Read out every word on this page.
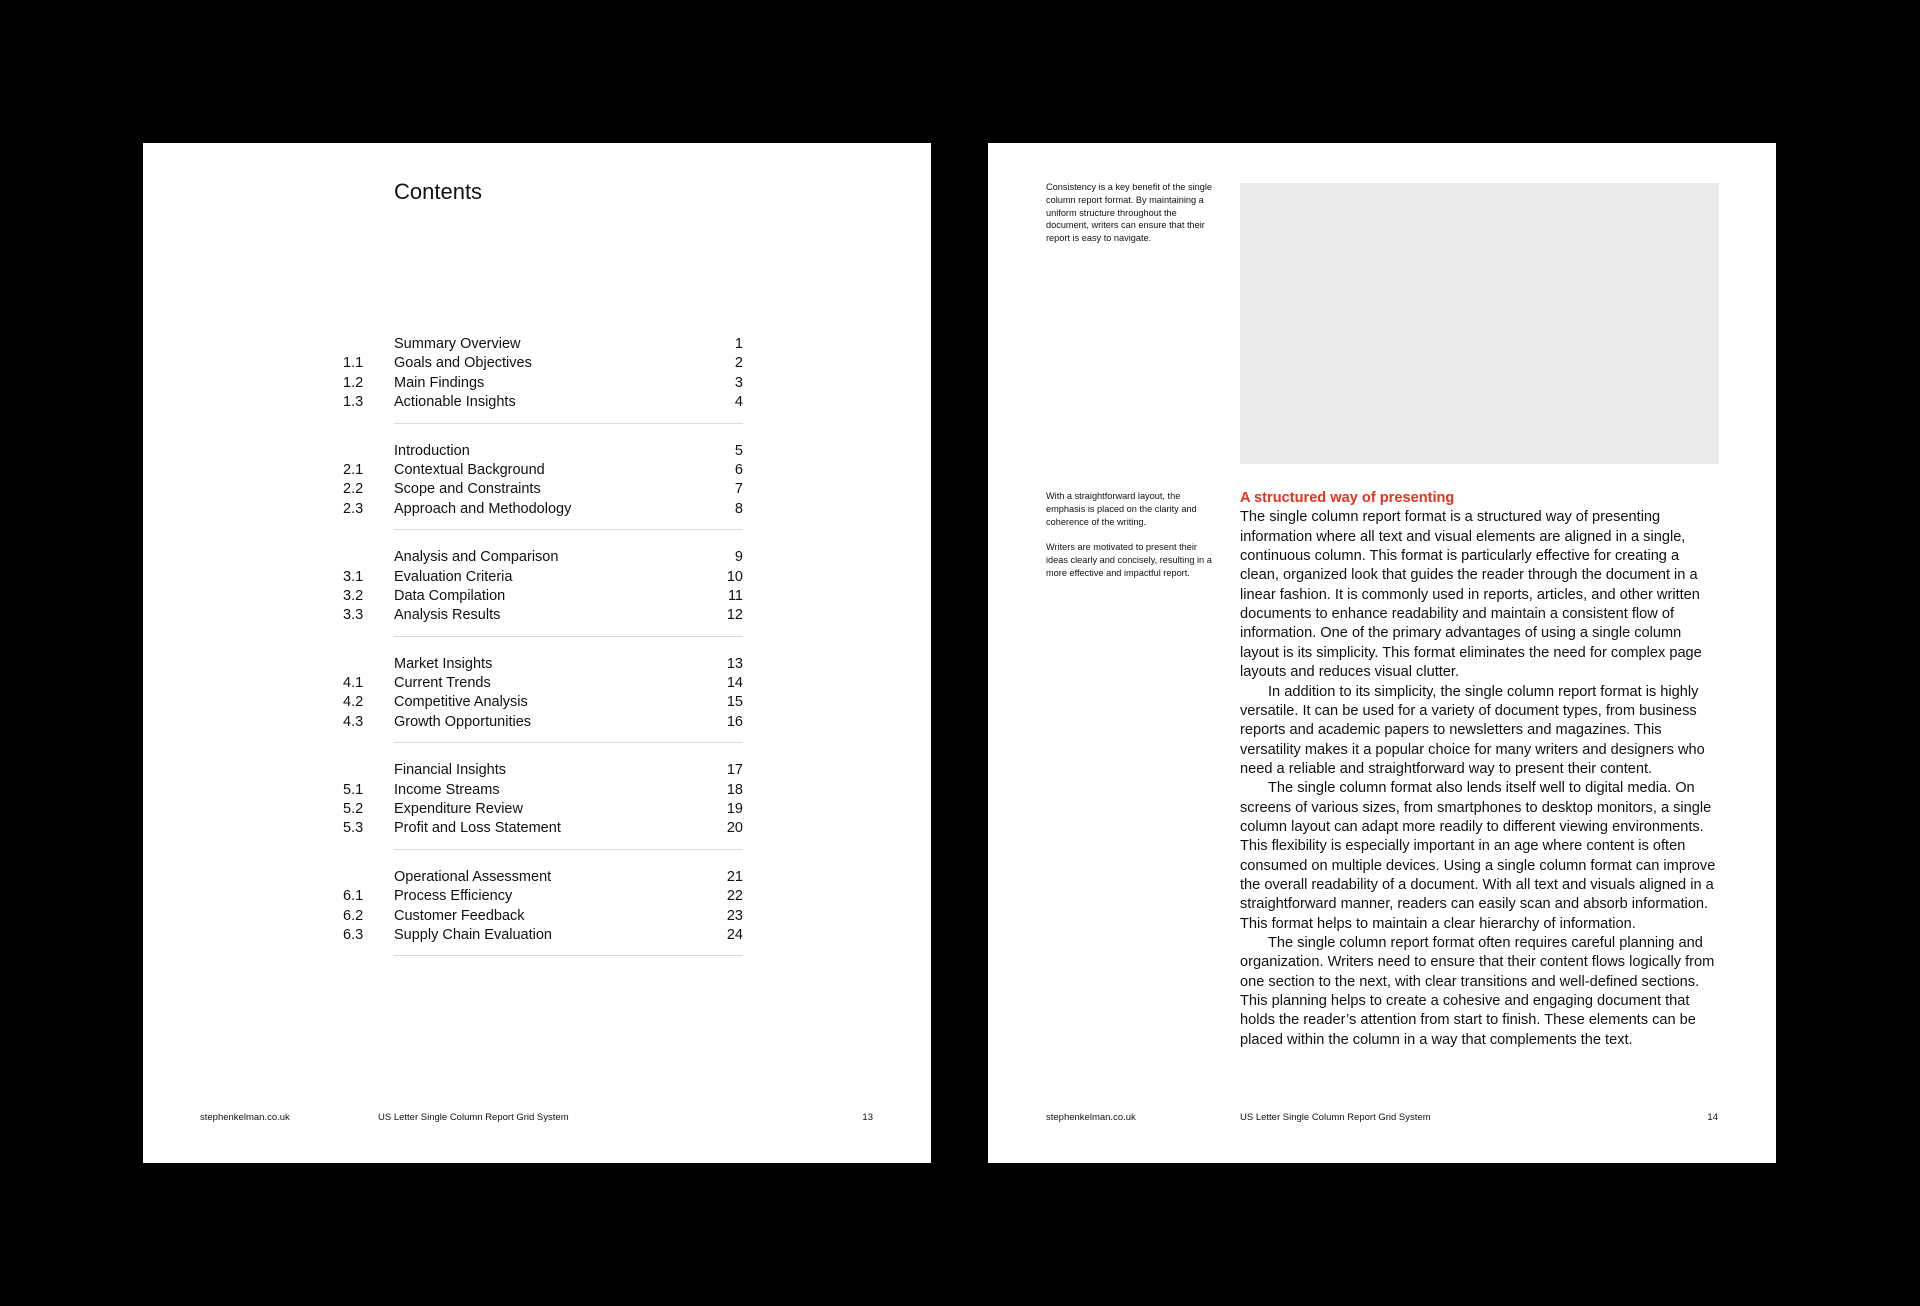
Contents
Summary Overview	1
1.1 Goals and Objectives	2
1.2 Main Findings	3
1.3 Actionable Insights	4
Introduction	5
2.1 Contextual Background	6
2.2 Scope and Constraints	7
2.3 Approach and Methodology	8
Analysis and Comparison	9
3.1 Evaluation Criteria	10
3.2 Data Compilation	11
3.3 Analysis Results	12
Market Insights	13
4.1 Current Trends	14
4.2 Competitive Analysis	15
4.3 Growth Opportunities	16
Financial Insights	17
5.1 Income Streams	18
5.2 Expenditure Review	19
5.3 Profit and Loss Statement	20
Operational Assessment	21
6.1 Process Efficiency	22
6.2 Customer Feedback	23
6.3 Supply Chain Evaluation	24
stephenkelman.co.uk	US Letter Single Column Report Grid System	13

Consistency is a key benefit of the single column report format. By maintaining a uniform structure throughout the document, writers can ensure that their report is easy to navigate.

With a straightforward layout, the emphasis is placed on the clarity and coherence of the writing.

Writers are motivated to present their ideas clearly and concisely, resulting in a more effective and impactful report.

A structured way of presenting

The single column report format is a structured way of presenting information where all text and visual elements are aligned in a single, continuous column. This format is particularly effective for creating a clean, organized look that guides the reader through the document in a linear fashion. It is commonly used in reports, articles, and other written documents to enhance readability and maintain a consistent flow of information. One of the primary advantages of using a single column layout is its simplicity. This format eliminates the need for complex page layouts and reduces visual clutter.

In addition to its simplicity, the single column report format is highly versatile. It can be used for a variety of document types, from business reports and academic papers to newsletters and magazines. This versatility makes it a popular choice for many writers and designers who need a reliable and straightforward way to present their content.

The single column format also lends itself well to digital media. On screens of various sizes, from smartphones to desktop monitors, a single column layout can adapt more readily to different viewing environments. This flexibility is especially important in an age where content is often consumed on multiple devices. Using a single column format can improve the overall readability of a document. With all text and visuals aligned in a straightforward manner, readers can easily scan and absorb information. This format helps to maintain a clear hierarchy of information.

The single column report format often requires careful planning and organization. Writers need to ensure that their content flows logically from one section to the next, with clear transitions and well-defined sections. This planning helps to create a cohesive and engaging document that holds the reader’s attention from start to finish. These elements can be placed within the column in a way that complements the text.

stephenkelman.co.uk	US Letter Single Column Report Grid System	14
